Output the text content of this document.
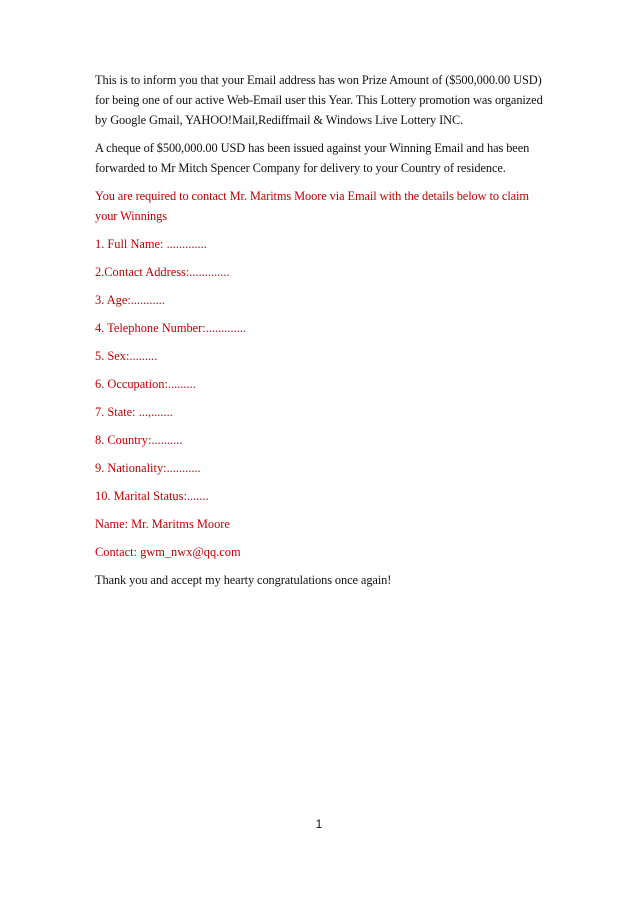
This is to inform you that your Email address has won Prize Amount of ($500,000.00 USD) for being one of our active Web-Email user this Year. This Lottery promotion was organized by Google Gmail, YAHOO!Mail,Rediffmail & Windows Live Lottery INC.

A cheque of $500,000.00 USD has been issued against your Winning Email and has been forwarded to Mr Mitch Spencer Company for delivery to your Country of residence.

You are required to contact Mr. Maritms Moore via Email with the details below to claim your Winnings

1. Full Name: .............

2.Contact Address:.............

3. Age:...........

4. Telephone Number:.............

5. Sex:.........

6. Occupation:.........

7. State: ...,.......

8. Country:..........

9. Nationality:...........

10. Marital Status:.......

Name: Mr. Maritms Moore

Contact: gwm_nwx@qq.com

Thank you and accept my hearty congratulations once again!

1
